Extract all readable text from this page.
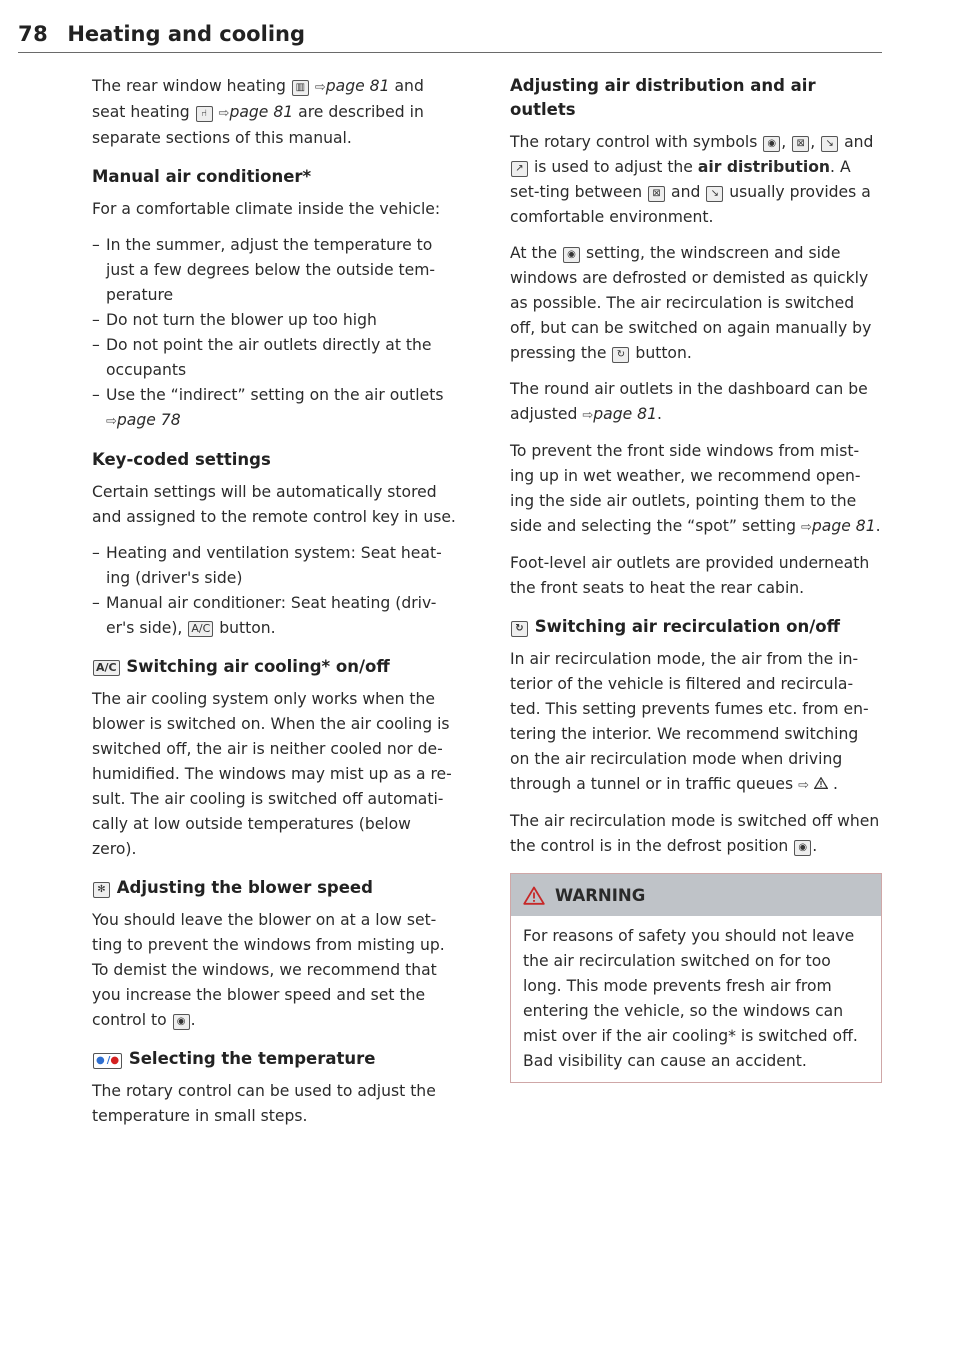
78 Heating and cooling

The rear window heating ▥ ⇨page 81 and seat heating ⑁ ⇨page 81 are described in separate sections of this manual.

Manual air conditioner*

For a comfortable climate inside the vehicle:

– In the summer, adjust the temperature to just a few degrees below the outside tem-perature
– Do not turn the blower up too high
– Do not point the air outlets directly at the occupants
– Use the “indirect” setting on the air outlets
⇨page 78
Key-coded settings

Certain settings will be automatically stored and assigned to the remote control key in use.

– Heating and ventilation system: Seat heat-ing (driver's side)
– Manual air conditioner: Seat heating (driv-er's side), A/C button.
A/C Switching air cooling* on/off

The air cooling system only works when the blower is switched on. When the air cooling is switched off, the air is neither cooled nor de-humidified. The windows may mist up as a re-sult. The air cooling is switched off automati-cally at low outside temperatures (below zero).

✻ Adjusting the blower speed

You should leave the blower on at a low set-ting to prevent the windows from misting up. To demist the windows, we recommend that you increase the blower speed and set the control to ◉ .

● /● Selecting the temperature

The rotary control can be used to adjust the temperature in small steps.

Adjusting air distribution and air outlets

The rotary control with symbols ◉ , ⊠ , ↘ and ↗ is used to adjust the air distribution. A set-ting between ⊠ and ↘ usually provides a comfortable environment.

At the ◉ setting, the windscreen and side windows are defrosted or demisted as quickly as possible. The air recirculation is switched off, but can be switched on again manually by pressing the ↻ button.

The round air outlets in the dashboard can be adjusted ⇨page 81.

To prevent the front side windows from mist-ing up in wet weather, we recommend open-ing the side air outlets, pointing them to the side and selecting the “spot” setting ⇨page 81.

Foot-level air outlets are provided underneath the front seats to heat the rear cabin.

↻ Switching air recirculation on/off

In air recirculation mode, the air from the in-terior of the vehicle is filtered and recircula-ted. This setting prevents fumes etc. from en-tering the interior. We recommend switching on the air recirculation mode when driving through a tunnel or in traffic queues ⇨ .

The air recirculation mode is switched off when the control is in the defrost position ◉ .

WARNING
For reasons of safety you should not leave the air recirculation switched on for too long. This mode prevents fresh air from entering the vehicle, so the windows can mist over if the air cooling* is switched off. Bad visibility can cause an accident.
